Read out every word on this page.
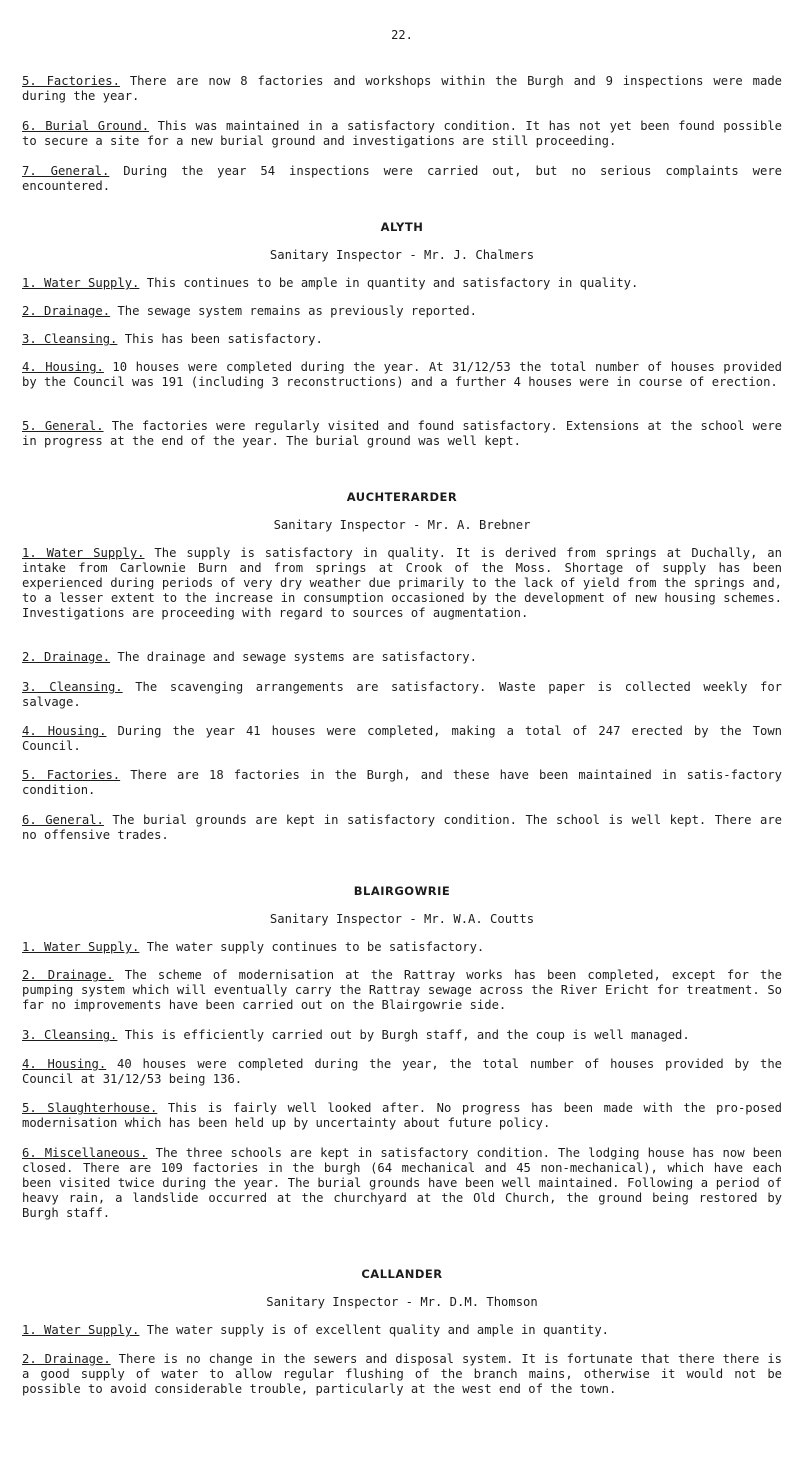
22.

5. Factories. There are now 8 factories and workshops within the Burgh and 9 inspections were made during the year.

6. Burial Ground. This was maintained in a satisfactory condition. It has not yet been found possible to secure a site for a new burial ground and investigations are still proceeding.

7. General. During the year 54 inspections were carried out, but no serious complaints were encountered.

ALYTH
Sanitary Inspector - Mr. J. Chalmers

1. Water Supply. This continues to be ample in quantity and satisfactory in quality.

2. Drainage. The sewage system remains as previously reported.

3. Cleansing. This has been satisfactory.

4. Housing. 10 houses were completed during the year. At 31/12/53 the total number of houses provided by the Council was 191 (including 3 reconstructions) and a further 4 houses were in course of erection.

5. General. The factories were regularly visited and found satisfactory. Extensions at the school were in progress at the end of the year. The burial ground was well kept.

AUCHTERARDER
Sanitary Inspector - Mr. A. Brebner

1. Water Supply. The supply is satisfactory in quality. It is derived from springs at Duchally, an intake from Carlownie Burn and from springs at Crook of the Moss. Shortage of supply has been experienced during periods of very dry weather due primarily to the lack of yield from the springs and, to a lesser extent to the increase in consumption occasioned by the development of new housing schemes. Investigations are proceeding with regard to sources of augmentation.

2. Drainage. The drainage and sewage systems are satisfactory.

3. Cleansing. The scavenging arrangements are satisfactory. Waste paper is collected weekly for salvage.

4. Housing. During the year 41 houses were completed, making a total of 247 erected by the Town Council.

5. Factories. There are 18 factories in the Burgh, and these have been maintained in satis-factory condition.

6. General. The burial grounds are kept in satisfactory condition. The school is well kept. There are no offensive trades.

BLAIRGOWRIE
Sanitary Inspector - Mr. W.A. Coutts

1. Water Supply. The water supply continues to be satisfactory.

2. Drainage. The scheme of modernisation at the Rattray works has been completed, except for the pumping system which will eventually carry the Rattray sewage across the River Ericht for treatment. So far no improvements have been carried out on the Blairgowrie side.

3. Cleansing. This is efficiently carried out by Burgh staff, and the coup is well managed.

4. Housing. 40 houses were completed during the year, the total number of houses provided by the Council at 31/12/53 being 136.

5. Slaughterhouse. This is fairly well looked after. No progress has been made with the pro-posed modernisation which has been held up by uncertainty about future policy.

6. Miscellaneous. The three schools are kept in satisfactory condition. The lodging house has now been closed. There are 109 factories in the burgh (64 mechanical and 45 non-mechanical), which have each been visited twice during the year. The burial grounds have been well maintained. Following a period of heavy rain, a landslide occurred at the churchyard at the Old Church, the ground being restored by Burgh staff.

CALLANDER
Sanitary Inspector - Mr. D.M. Thomson

1. Water Supply. The water supply is of excellent quality and ample in quantity.

2. Drainage. There is no change in the sewers and disposal system. It is fortunate that there there is a good supply of water to allow regular flushing of the branch mains, otherwise it would not be possible to avoid considerable trouble, particularly at the west end of the town.
